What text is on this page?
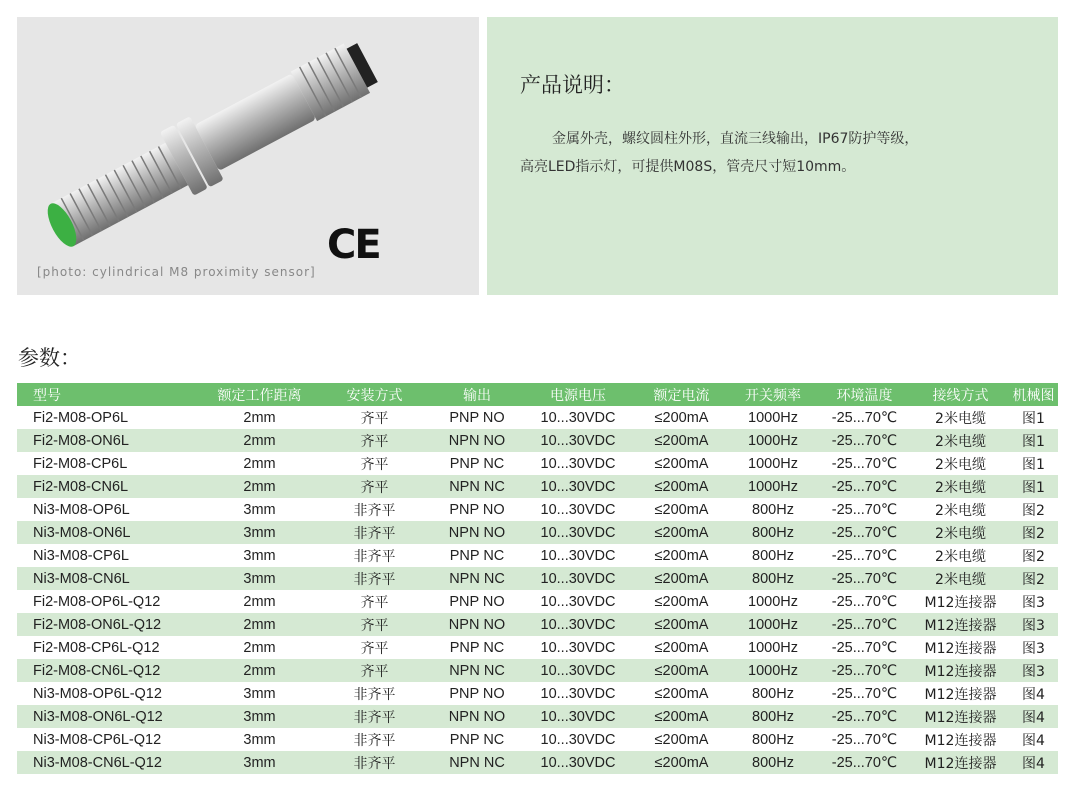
[photo: cylindrical M8 proximity sensor]
CE
产品说明：
金属外壳，螺纹圆柱外形，直流三线输出，IP67防护等级，
高亮LED指示灯，可提供M08S，管壳尺寸短10mm。
参数：
型号	额定工作距离	安装方式	输出	电源电压	额定电流	开关频率	环境温度	接线方式	机械图
Fi2-M08-OP6L	2mm	齐平	PNP NO	10...30VDC	≤200mA	1000Hz	-25...70℃	2米电缆	图1
Fi2-M08-ON6L	2mm	齐平	NPN NO	10...30VDC	≤200mA	1000Hz	-25...70℃	2米电缆	图1
Fi2-M08-CP6L	2mm	齐平	PNP NC	10...30VDC	≤200mA	1000Hz	-25...70℃	2米电缆	图1
Fi2-M08-CN6L	2mm	齐平	NPN NC	10...30VDC	≤200mA	1000Hz	-25...70℃	2米电缆	图1
Ni3-M08-OP6L	3mm	非齐平	PNP NO	10...30VDC	≤200mA	800Hz	-25...70℃	2米电缆	图2
Ni3-M08-ON6L	3mm	非齐平	NPN NO	10...30VDC	≤200mA	800Hz	-25...70℃	2米电缆	图2
Ni3-M08-CP6L	3mm	非齐平	PNP NC	10...30VDC	≤200mA	800Hz	-25...70℃	2米电缆	图2
Ni3-M08-CN6L	3mm	非齐平	NPN NC	10...30VDC	≤200mA	800Hz	-25...70℃	2米电缆	图2
Fi2-M08-OP6L-Q12	2mm	齐平	PNP NO	10...30VDC	≤200mA	1000Hz	-25...70℃	M12连接器	图3
Fi2-M08-ON6L-Q12	2mm	齐平	NPN NO	10...30VDC	≤200mA	1000Hz	-25...70℃	M12连接器	图3
Fi2-M08-CP6L-Q12	2mm	齐平	PNP NC	10...30VDC	≤200mA	1000Hz	-25...70℃	M12连接器	图3
Fi2-M08-CN6L-Q12	2mm	齐平	NPN NC	10...30VDC	≤200mA	1000Hz	-25...70℃	M12连接器	图3
Ni3-M08-OP6L-Q12	3mm	非齐平	PNP NO	10...30VDC	≤200mA	800Hz	-25...70℃	M12连接器	图4
Ni3-M08-ON6L-Q12	3mm	非齐平	NPN NO	10...30VDC	≤200mA	800Hz	-25...70℃	M12连接器	图4
Ni3-M08-CP6L-Q12	3mm	非齐平	PNP NC	10...30VDC	≤200mA	800Hz	-25...70℃	M12连接器	图4
Ni3-M08-CN6L-Q12	3mm	非齐平	NPN NC	10...30VDC	≤200mA	800Hz	-25...70℃	M12连接器	图4
